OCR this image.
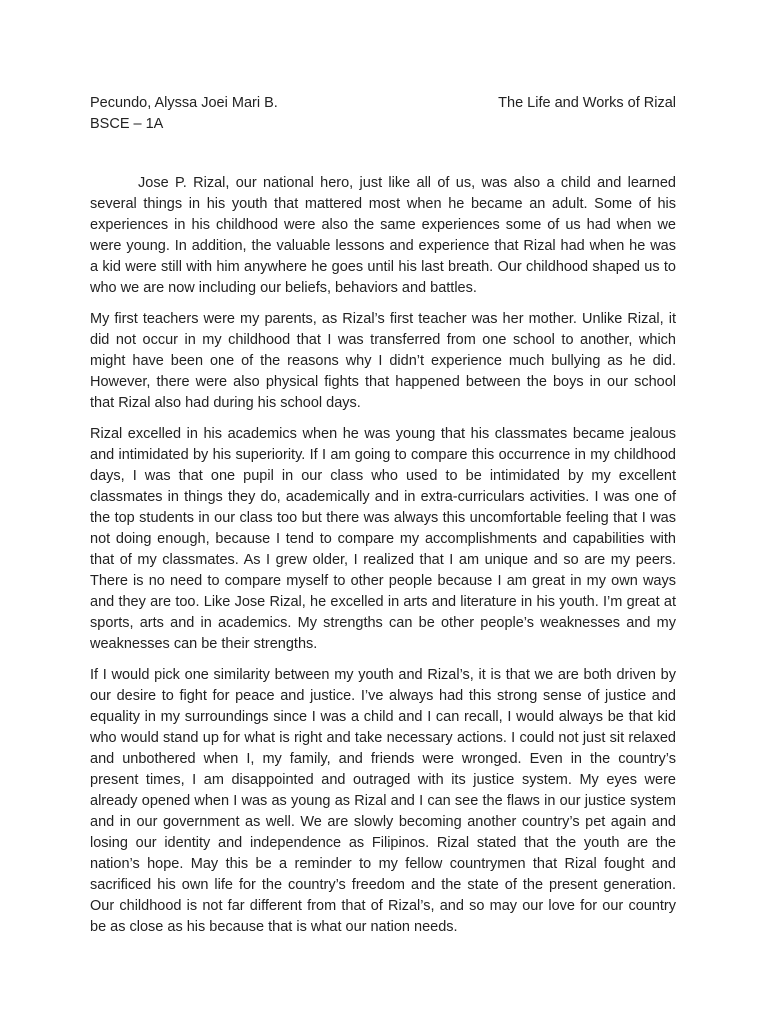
Pecundo, Alyssa Joei Mari B.	The Life and Works of Rizal
BSCE – 1A

Jose P. Rizal, our national hero, just like all of us, was also a child and learned several things in his youth that mattered most when he became an adult. Some of his experiences in his childhood were also the same experiences some of us had when we were young. In addition, the valuable lessons and experience that Rizal had when he was a kid were still with him anywhere he goes until his last breath. Our childhood shaped us to who we are now including our beliefs, behaviors and battles.

My first teachers were my parents, as Rizal’s first teacher was her mother. Unlike Rizal, it did not occur in my childhood that I was transferred from one school to another, which might have been one of the reasons why I didn’t experience much bullying as he did. However, there were also physical fights that happened between the boys in our school that Rizal also had during his school days.

Rizal excelled in his academics when he was young that his classmates became jealous and intimidated by his superiority. If I am going to compare this occurrence in my childhood days, I was that one pupil in our class who used to be intimidated by my excellent classmates in things they do, academically and in extra-curriculars activities. I was one of the top students in our class too but there was always this uncomfortable feeling that I was not doing enough, because I tend to compare my accomplishments and capabilities with that of my classmates. As I grew older, I realized that I am unique and so are my peers. There is no need to compare myself to other people because I am great in my own ways and they are too. Like Jose Rizal, he excelled in arts and literature in his youth. I’m great at sports, arts and in academics. My strengths can be other people’s weaknesses and my weaknesses can be their strengths.

If I would pick one similarity between my youth and Rizal’s, it is that we are both driven by our desire to fight for peace and justice. I’ve always had this strong sense of justice and equality in my surroundings since I was a child and I can recall, I would always be that kid who would stand up for what is right and take necessary actions. I could not just sit relaxed and unbothered when I, my family, and friends were wronged. Even in the country’s present times, I am disappointed and outraged with its justice system. My eyes were already opened when I was as young as Rizal and I can see the flaws in our justice system and in our government as well. We are slowly becoming another country’s pet again and losing our identity and independence as Filipinos. Rizal stated that the youth are the nation’s hope. May this be a reminder to my fellow countrymen that Rizal fought and sacrificed his own life for the country’s freedom and the state of the present generation. Our childhood is not far different from that of Rizal’s, and so may our love for our country be as close as his because that is what our nation needs.
